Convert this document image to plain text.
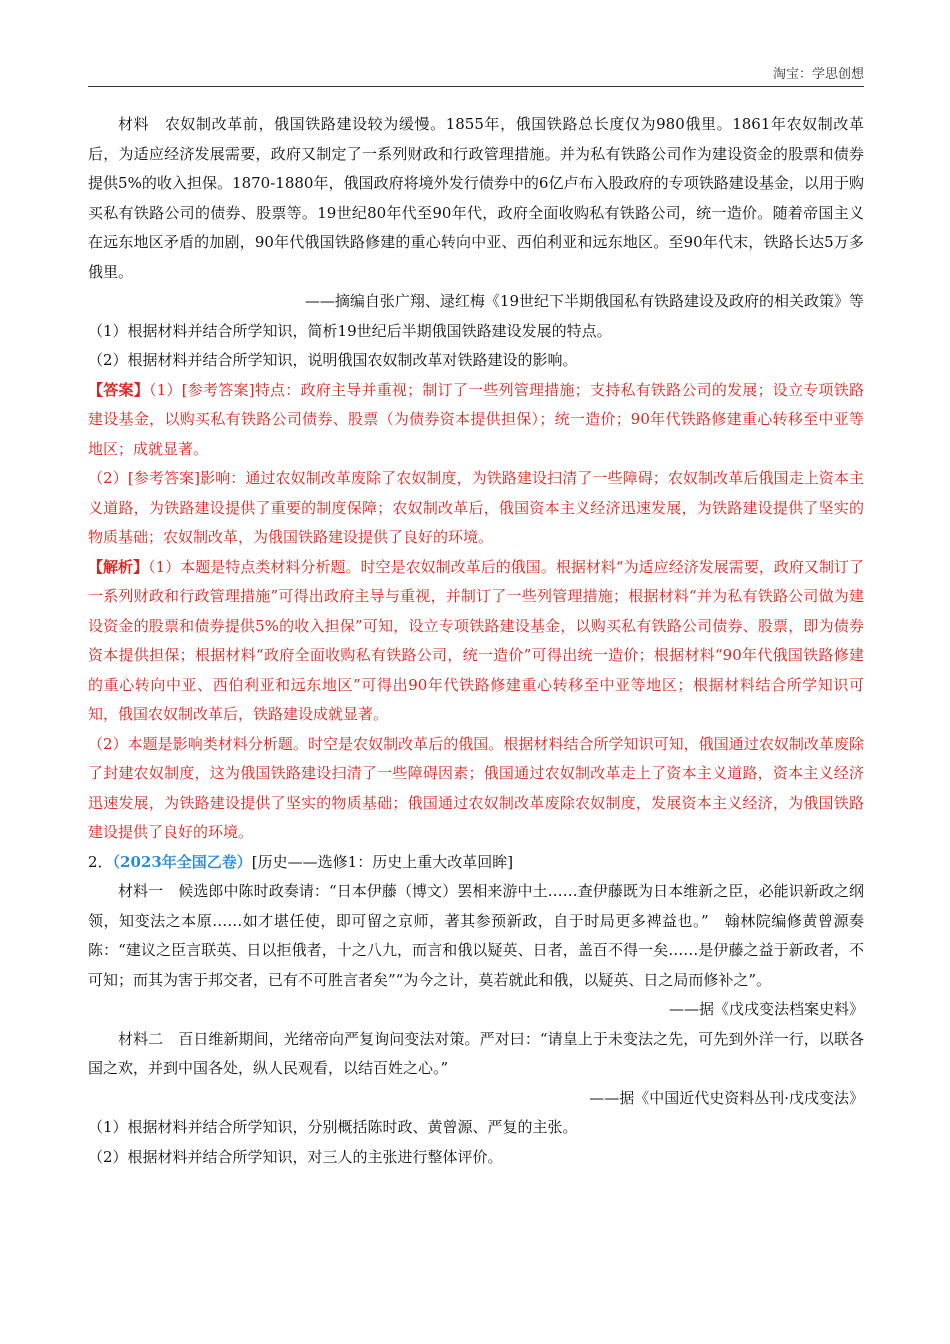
淘宝：学思创想

材料　农奴制改革前，俄国铁路建设较为缓慢。1855年，俄国铁路总长度仅为980俄里。1861年农奴制改革后，为适应经济发展需要，政府又制定了一系列财政和行政管理措施。并为私有铁路公司作为建设资金的股票和债券提供5%的收入担保。1870-1880年，俄国政府将境外发行债券中的6亿卢布入股政府的专项铁路建设基金，以用于购买私有铁路公司的债券、股票等。19世纪80年代至90年代，政府全面收购私有铁路公司，统一造价。随着帝国主义在远东地区矛盾的加剧，90年代俄国铁路修建的重心转向中亚、西伯利亚和远东地区。至90年代末，铁路长达5万多俄里。

——摘编自张广翔、逯红梅《19世纪下半期俄国私有铁路建设及政府的相关政策》等

（1）根据材料并结合所学知识，简析19世纪后半期俄国铁路建设发展的特点。

（2）根据材料并结合所学知识，说明俄国农奴制改革对铁路建设的影响。

【答案】（1）[参考答案]特点：政府主导并重视；制订了一些列管理措施；支持私有铁路公司的发展；设立专项铁路建设基金，以购买私有铁路公司债券、股票（为债券资本提供担保）；统一造价；90年代铁路修建重心转移至中亚等地区；成就显著。

（2）[参考答案]影响：通过农奴制改革废除了农奴制度，为铁路建设扫清了一些障碍；农奴制改革后俄国走上资本主义道路，为铁路建设提供了重要的制度保障；农奴制改革后，俄国资本主义经济迅速发展，为铁路建设提供了坚实的物质基础；农奴制改革，为俄国铁路建设提供了良好的环境。

【解析】（1）本题是特点类材料分析题。时空是农奴制改革后的俄国。根据材料“为适应经济发展需要，政府又制订了一系列财政和行政管理措施”可得出政府主导与重视，并制订了一些列管理措施；根据材料“并为私有铁路公司做为建设资金的股票和债券提供5%的收入担保”可知，设立专项铁路建设基金，以购买私有铁路公司债券、股票，即为债券资本提供担保；根据材料“政府全面收购私有铁路公司，统一造价”可得出统一造价；根据材料“90年代俄国铁路修建的重心转向中亚、西伯利亚和远东地区”可得出90年代铁路修建重心转移至中亚等地区；根据材料结合所学知识可知，俄国农奴制改革后，铁路建设成就显著。

（2）本题是影响类材料分析题。时空是农奴制改革后的俄国。根据材料结合所学知识可知，俄国通过农奴制改革废除了封建农奴制度，这为俄国铁路建设扫清了一些障碍因素；俄国通过农奴制改革走上了资本主义道路，资本主义经济迅速发展，为铁路建设提供了坚实的物质基础；俄国通过农奴制改革废除农奴制度，发展资本主义经济，为俄国铁路建设提供了良好的环境。

2．（2023年全国乙卷）[历史——选修1：历史上重大改革回眸]

材料一　候选郎中陈时政奏请：“日本伊藤（博文）罢相来游中土……查伊藤既为日本维新之臣，必能识新政之纲领，知变法之本原……如才堪任使，即可留之京师，著其参预新政，自于时局更多裨益也。”　翰林院编修黄曾源奏陈：“建议之臣言联英、日以拒俄者，十之八九，而言和俄以疑英、日者，盖百不得一矣……是伊藤之益于新政者，不可知；而其为害于邦交者，已有不可胜言者矣”“为今之计，莫若就此和俄，以疑英、日之局而修补之”。

——据《戊戌变法档案史料》

材料二　百日维新期间，光绪帝向严复询问变法对策。严对曰：“请皇上于未变法之先，可先到外洋一行，以联各国之欢，并到中国各处，纵人民观看，以结百姓之心。”

——据《中国近代史资料丛刊·戊戌变法》

（1）根据材料并结合所学知识，分别概括陈时政、黄曾源、严复的主张。

（2）根据材料并结合所学知识，对三人的主张进行整体评价。
